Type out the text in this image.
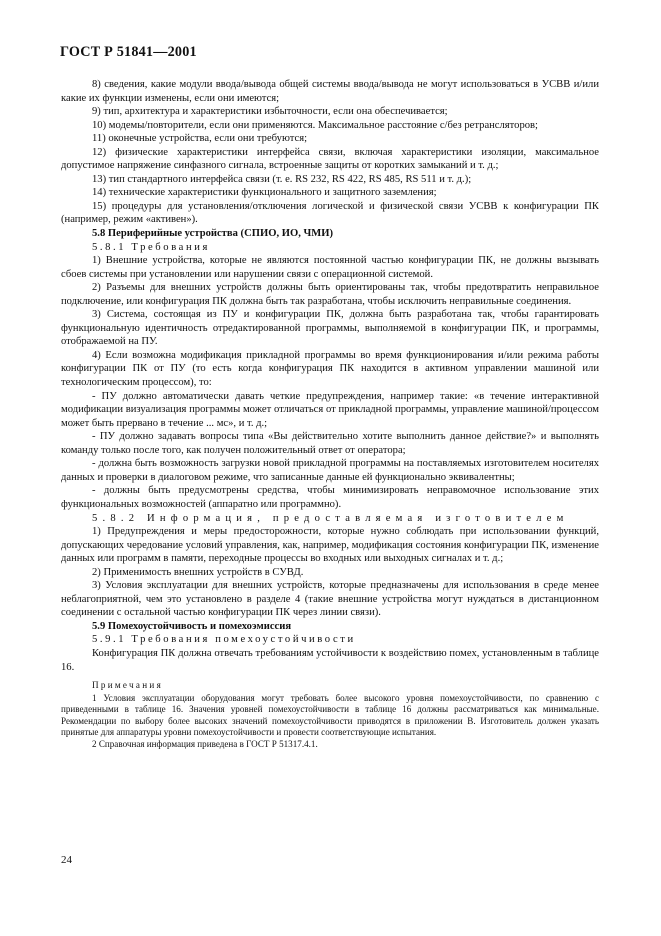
ГОСТ Р 51841—2001

8) сведения, какие модули ввода/вывода общей системы ввода/вывода не могут использоваться в УСВВ и/или какие их функции изменены, если они имеются;

9) тип, архитектура и характеристики избыточности, если она обеспечивается;

10) модемы/повторители, если они применяются. Максимальное расстояние с/без ретрансляторов;

11) оконечные устройства, если они требуются;

12) физические характеристики интерфейса связи, включая характеристики изоляции, максимальное допустимое напряжение синфазного сигнала, встроенные защиты от коротких замыканий и т. д.;

13) тип стандартного интерфейса связи (т. е. RS 232, RS 422, RS 485, RS 511 и т. д.);

14) технические характеристики функционального и защитного заземления;

15) процедуры для установления/отключения логической и физической связи УСВВ к конфигурации ПК (например, режим «активен»).

5.8 Периферийные устройства (СПИО, ИО, ЧМИ)

5.8.1 Требования

1) Внешние устройства, которые не являются постоянной частью конфигурации ПК, не должны вызывать сбоев системы при установлении или нарушении связи с операционной системой.

2) Разъемы для внешних устройств должны быть ориентированы так, чтобы предотвратить неправильное подключение, или конфигурация ПК должна быть так разработана, чтобы исключить неправильные соединения.

3) Система, состоящая из ПУ и конфигурации ПК, должна быть разработана так, чтобы гарантировать функциональную идентичность отредактированной программы, выполняемой в конфигурации ПК, и программы, отображаемой на ПУ.

4) Если возможна модификация прикладной программы во время функционирования и/или режима работы конфигурации ПК от ПУ (то есть когда конфигурация ПК находится в активном управлении машиной или технологическим процессом), то:

- ПУ должно автоматически давать четкие предупреждения, например такие: «в течение интерактивной модификации визуализация программы может отличаться от прикладной программы, управление машиной/процессом может быть прервано в течение ... мс», и т. д.;

- ПУ должно задавать вопросы типа «Вы действительно хотите выполнить данное действие?» и выполнять команду только после того, как получен положительный ответ от оператора;

- должна быть возможность загрузки новой прикладной программы на поставляемых изготовителем носителях данных и проверки в диалоговом режиме, что записанные данные ей функционально эквивалентны;

- должны быть предусмотрены средства, чтобы минимизировать неправомочное использование этих функциональных возможностей (аппаратно или программно).

5.8.2 Информация, предоставляемая изготовителем

1) Предупреждения и меры предосторожности, которые нужно соблюдать при использовании функций, допускающих чередование условий управления, как, например, модификация состояния конфигурации ПК, изменение данных или программ в памяти, переходные процессы во входных или выходных сигналах и т. д.;

2) Применимость внешних устройств в СУВД.

3) Условия эксплуатации для внешних устройств, которые предназначены для использования в среде менее неблагоприятной, чем это установлено в разделе 4 (такие внешние устройства могут нуждаться в дистанционном соединении с остальной частью конфигурации ПК через линии связи).

5.9 Помехоустойчивость и помехоэмиссия

5.9.1 Требования помехоустойчивости

Конфигурация ПК должна отвечать требованиям устойчивости к воздействию помех, установленным в таблице 16.

Примечания

1 Условия эксплуатации оборудования могут требовать более высокого уровня помехоустойчивости, по сравнению с приведенными в таблице 16. Значения уровней помехоустойчивости в таблице 16 должны рассматриваться как минимальные. Рекомендации по выбору более высоких значений помехоустойчивости приводятся в приложении В. Изготовитель должен указать принятые для аппаратуры уровни помехоустойчивости и провести соответствующие испытания.

2 Справочная информация приведена в ГОСТ Р 51317.4.1.

24
